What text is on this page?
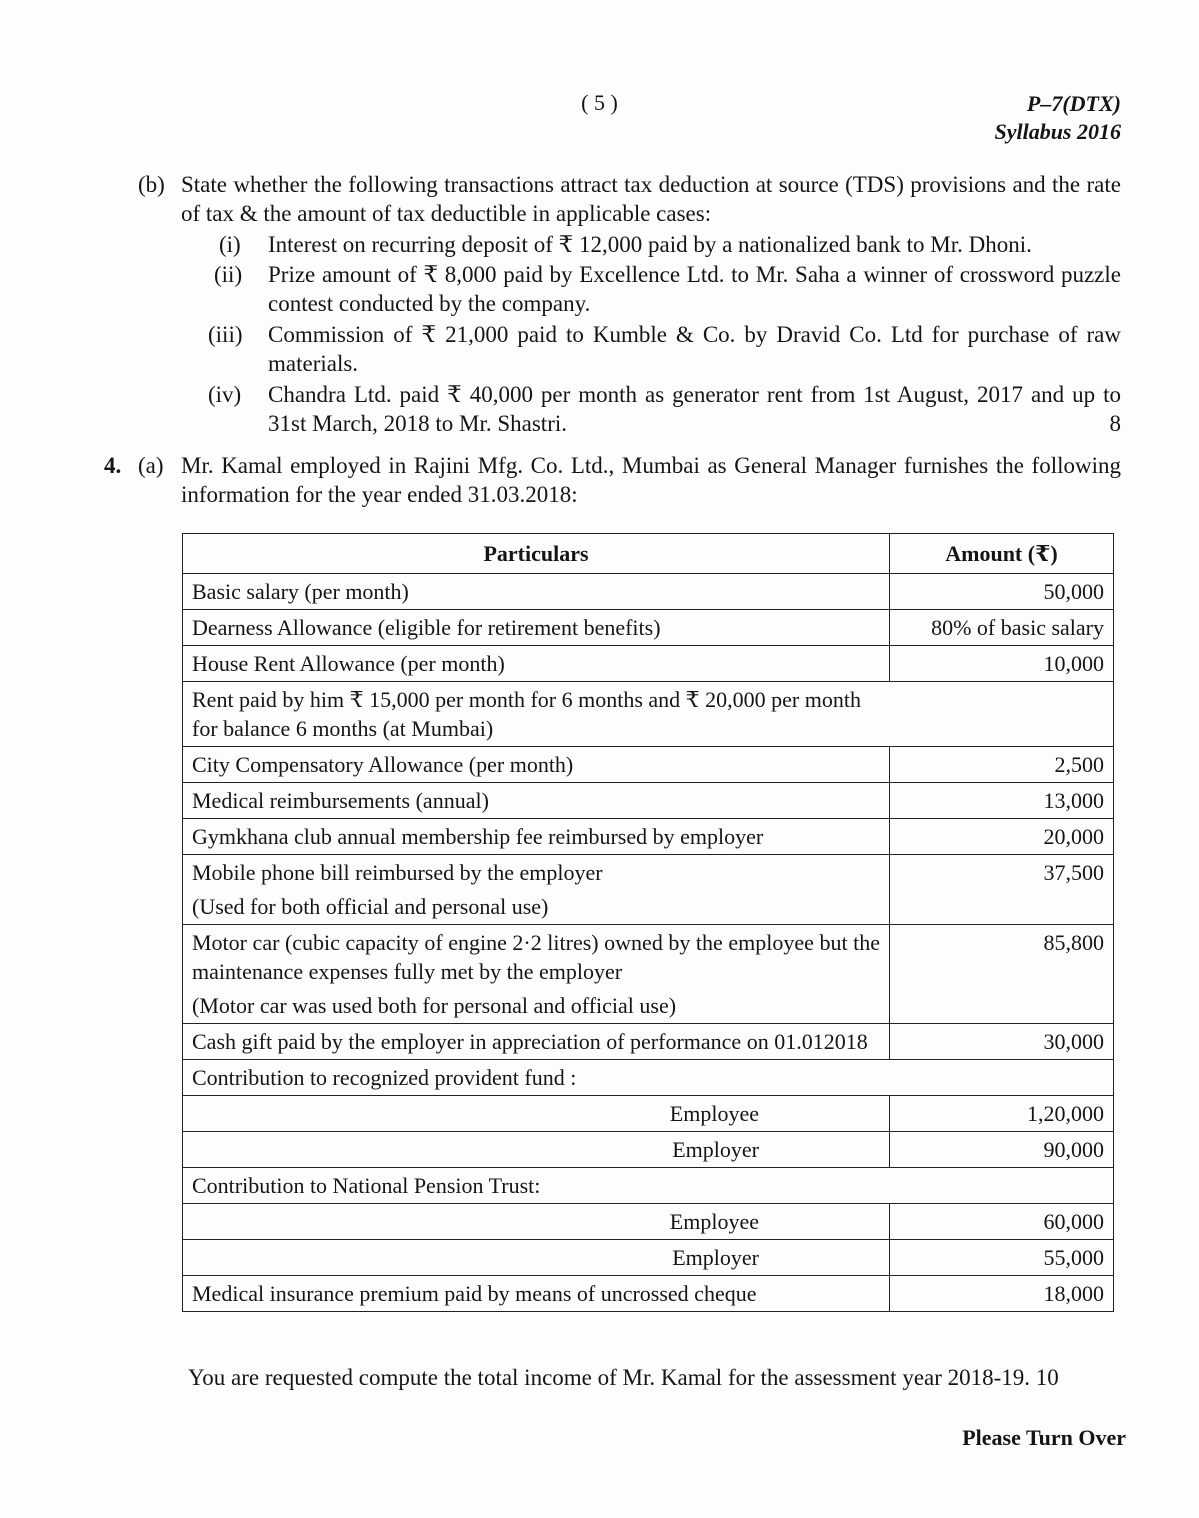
( 5 )	P–7(DTX)
Syllabus 2016
(b) State whether the following transactions attract tax deduction at source (TDS) provisions and the rate of tax & the amount of tax deductible in applicable cases:
(i) Interest on recurring deposit of ₹ 12,000 paid by a nationalized bank to Mr. Dhoni.
(ii) Prize amount of ₹ 8,000 paid by Excellence Ltd. to Mr. Saha a winner of crossword puzzle contest conducted by the company.
(iii) Commission of ₹ 21,000 paid to Kumble & Co. by Dravid Co. Ltd for purchase of raw materials.
(iv) Chandra Ltd. paid ₹ 40,000 per month as generator rent from 1st August, 2017 and up to 31st March, 2018 to Mr. Shastri.	8
4. (a) Mr. Kamal employed in Rajini Mfg. Co. Ltd., Mumbai as General Manager furnishes the following information for the year ended 31.03.2018:
Particulars	Amount (₹)
Basic salary (per month)	50,000
Dearness Allowance (eligible for retirement benefits)	80% of basic salary
House Rent Allowance (per month)	10,000

Rent paid by him ₹ 15,000 per month for 6 months and ₹ 20,000 per month for balance 6 months (at Mumbai)	

City Compensatory Allowance (per month)	2,500
Medical reimbursements (annual)	13,000
Gymkhana club annual membership fee reimbursed by employer	20,000

Mobile phone bill reimbursed by the employer
(Used for both official and personal use)	37,500

Motor car (cubic capacity of engine 2·2 litres) owned by the employee but the maintenance expenses fully met by the employer
(Motor car was used both for personal and official use)	85,800
Cash gift paid by the employer in appreciation of performance on 01.012018	30,000
Contribution to recognized provident fund :	
Employee	1,20,000
Employer	90,000
Contribution to National Pension Trust:	
Employee	60,000
Employer	55,000
Medical insurance premium paid by means of uncrossed cheque	18,000
You are requested compute the total income of Mr. Kamal for the assessment year 2018-19. 10
Please Turn Over
